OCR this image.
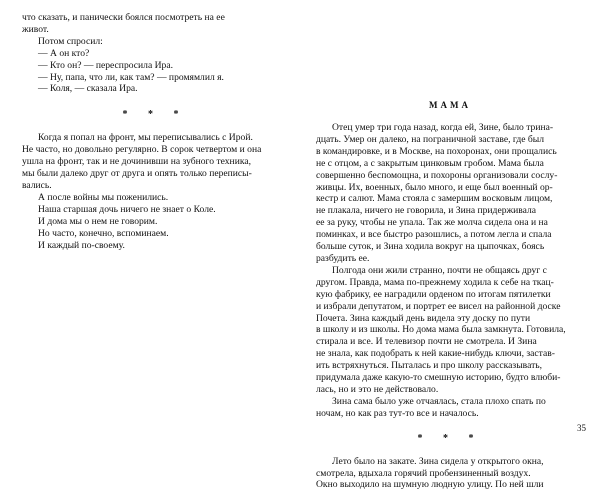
что сказать, и панически боялся посмотреть на ее
живот.
Потом спросил:
— А он кто?
— Кто он? — переспросила Ира.
— Ну, папа, что ли, как там? — промямлил я.
— Коля, — сказала Ира.
* * *
Когда я попал на фронт, мы переписывались с Ирой.
Не часто, но довольно регулярно. В сорок четвертом и она
ушла на фронт, так и не дочинивши на зубного техника,
мы были далеко друг от друга и опять только переписы-
вались.
А после войны мы поженились.
Наша старшая дочь ничего не знает о Коле.
И дома мы о нем не говорим.
Но часто, конечно, вспоминаем.
И каждый по-своему.
МАМА
Отец умер три года назад, когда ей, Зине, было трина-
дцать. Умер он далеко, на пограничной заставе, где был
в командировке, и в Москве, на похоронах, они прощались
не с отцом, а с закрытым цинковым гробом. Мама была
совершенно беспомощна, и похороны организовали сослу-
живцы. Их, военных, было много, и еще был военный ор-
кестр и салют. Мама стояла с замершим восковым лицом,
не плакала, ничего не говорила, и Зина придерживала
ее за руку, чтобы не упала. Так же молча сидела она и на
поминках, и все быстро разошлись, а потом легла и спала
больше суток, и Зина ходила вокруг на цыпочках, боясь
разбудить ее.
Полгода они жили странно, почти не общаясь друг с
другом. Правда, мама по-прежнему ходила к себе на ткац-
кую фабрику, ее наградили орденом по итогам пятилетки
и избрали депутатом, и портрет ее висел на районной доске
Почета. Зина каждый день видела эту доску по пути
в школу и из школы. Но дома мама была замкнута. Готовила,
стирала и все. И телевизор почти не смотрела. И Зина
не знала, как подобрать к ней какие-нибудь ключи, застав-
ить встряхнуться. Пыталась и про школу рассказывать,
придумала даже какую-то смешную историю, будто влюби-
лась, но и это не действовало.
Зина сама было уже отчаялась, стала плохо спать по
ночам, но как раз тут-то все и началось.
* * *
Лето было на закате. Зина сидела у открытого окна,
смотрела, вдыхала горячий пробензиненный воздух.
Окно выходило на шумную людную улицу. По ней шли
35
